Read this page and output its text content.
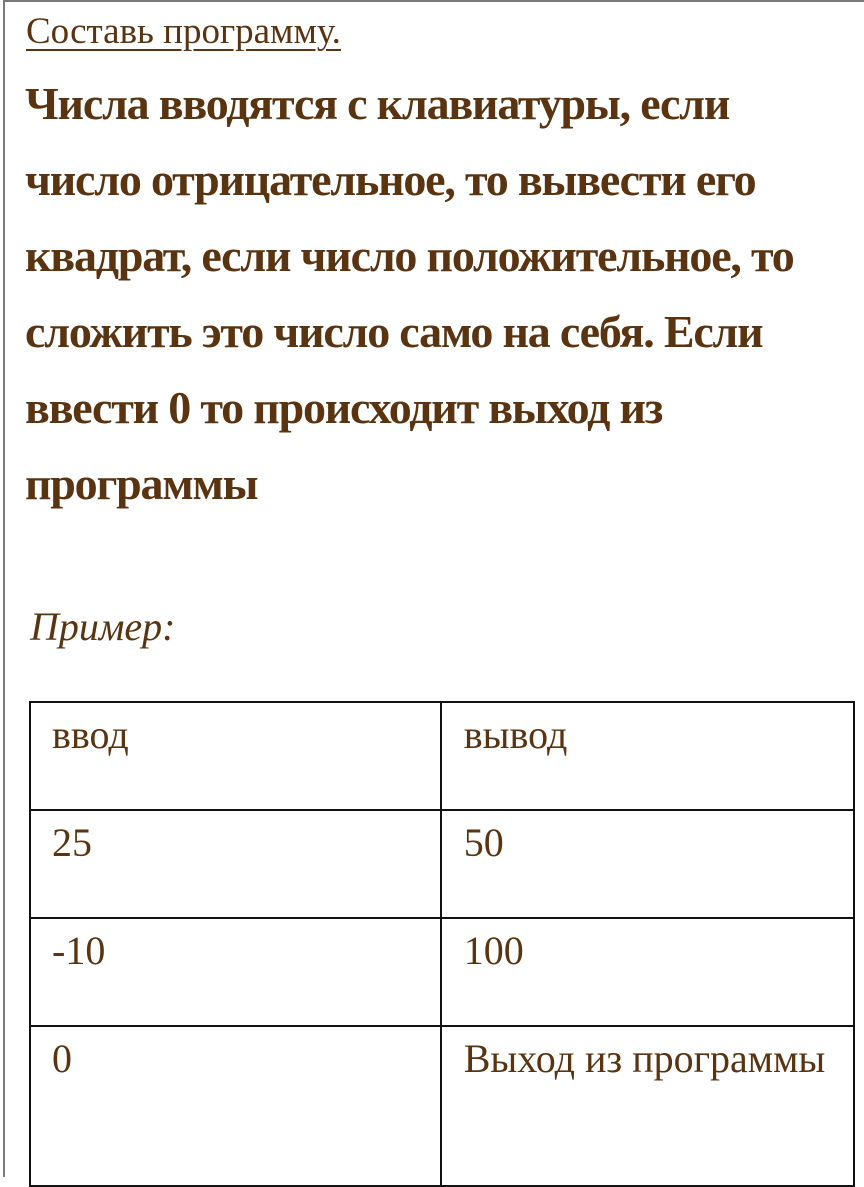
Составь программу.
Числа вводятся с клавиатуры, если число отрицательное, то вывести его квадрат, если число положительное, то сложить это число само на себя. Если ввести 0 то происходит выход из программы
Пример:
ввод	вывод
25	50
-10	100
0	Выход из программы
